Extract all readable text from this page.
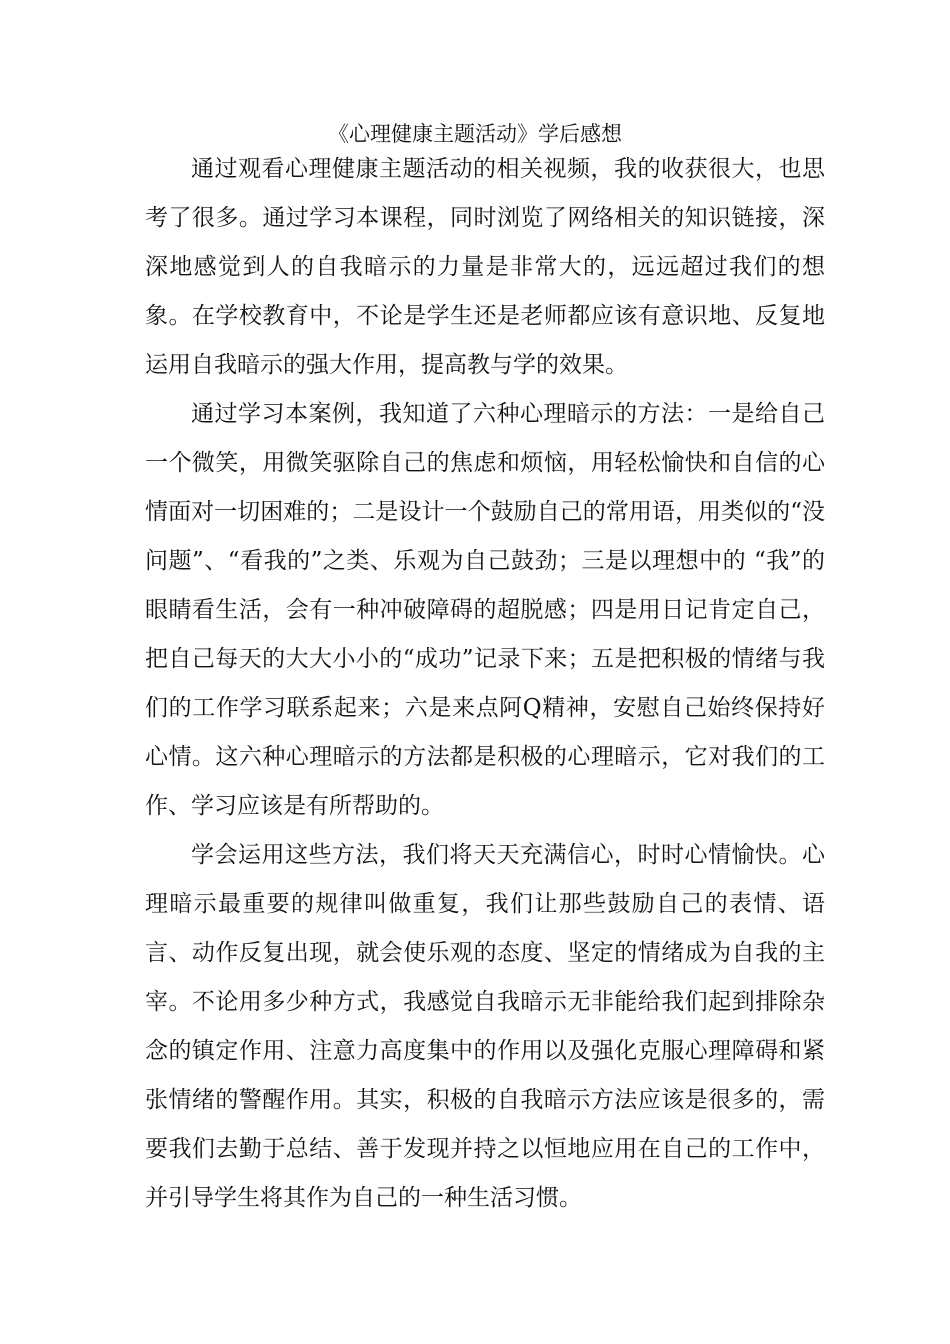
《心理健康主题活动》学后感想

通过观看心理健康主题活动的相关视频，我的收获很大，也思考了很多。通过学习本课程，同时浏览了网络相关的知识链接，深深地感觉到人的自我暗示的力量是非常大的，远远超过我们的想象。在学校教育中，不论是学生还是老师都应该有意识地、反复地运用自我暗示的强大作用，提高教与学的效果。

通过学习本案例，我知道了六种心理暗示的方法：一是给自己一个微笑，用微笑驱除自己的焦虑和烦恼，用轻松愉快和自信的心情面对一切困难的；二是设计一个鼓励自己的常用语，用类似的“没问题”、“看我的”之类、乐观为自己鼓劲；三是以理想中的 “我”的眼睛看生活，会有一种冲破障碍的超脱感；四是用日记肯定自己，把自己每天的大大小小的“成功”记录下来；五是把积极的情绪与我们的工作学习联系起来；六是来点阿Q精神，安慰自己始终保持好心情。这六种心理暗示的方法都是积极的心理暗示，它对我们的工作、学习应该是有所帮助的。

学会运用这些方法，我们将天天充满信心，时时心情愉快。心理暗示最重要的规律叫做重复，我们让那些鼓励自己的表情、语言、动作反复出现，就会使乐观的态度、坚定的情绪成为自我的主宰。不论用多少种方式，我感觉自我暗示无非能给我们起到排除杂念的镇定作用、注意力高度集中的作用以及强化克服心理障碍和紧张情绪的警醒作用。其实，积极的自我暗示方法应该是很多的，需要我们去勤于总结、善于发现并持之以恒地应用在自己的工作中，并引导学生将其作为自己的一种生活习惯。
